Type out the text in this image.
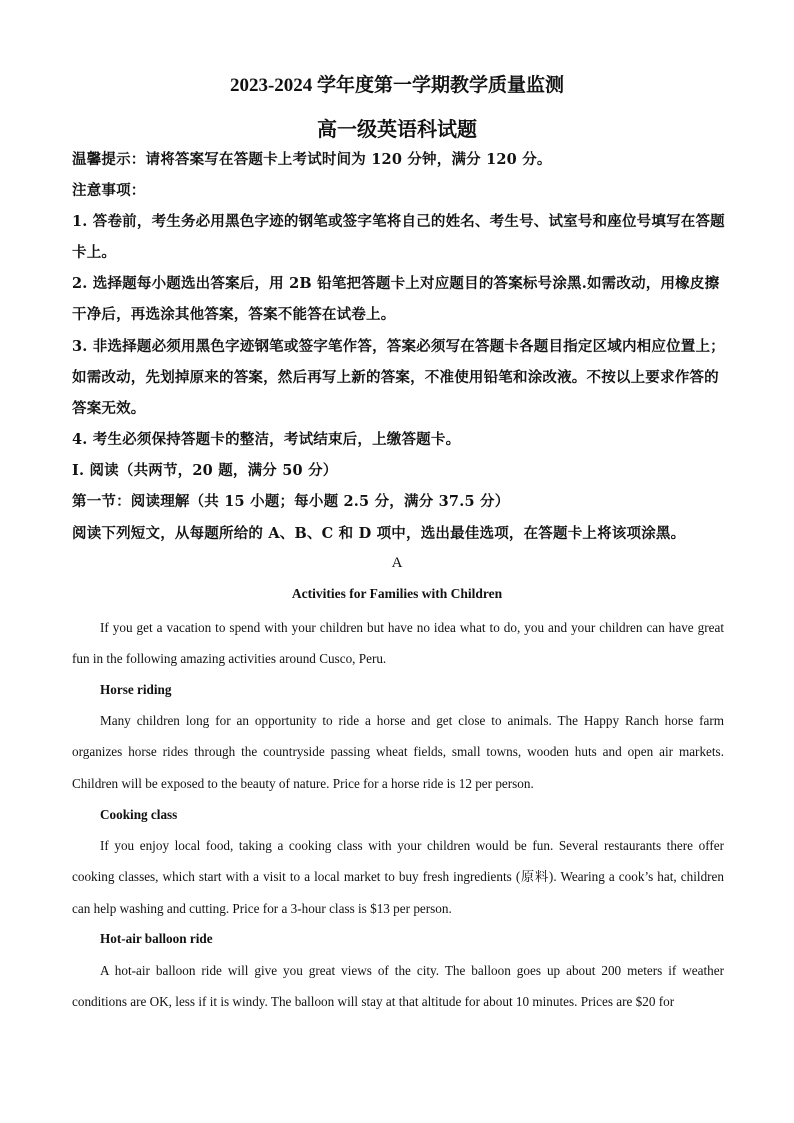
2023-2024 学年度第一学期教学质量监测
高一级英语科试题

温馨提示：请将答案写在答题卡上考试时间为 120 分钟，满分 120 分。

注意事项：

1. 答卷前，考生务必用黑色字迹的钢笔或签字笔将自己的姓名、考生号、试室号和座位号填写在答题卡上。

2. 选择题每小题选出答案后，用 2B 铅笔把答题卡上对应题目的答案标号涂黑.如需改动，用橡皮擦干净后，再选涂其他答案，答案不能答在试卷上。

3. 非选择题必须用黑色字迹钢笔或签字笔作答，答案必须写在答题卡各题目指定区域内相应位置上；如需改动，先划掉原来的答案，然后再写上新的答案，不准使用铅笔和涂改液。不按以上要求作答的答案无效。

4. 考生必须保持答题卡的整洁，考试结束后，上缴答题卡。

Ⅰ. 阅读（共两节，20 题，满分 50 分）

第一节：阅读理解（共 15 小题；每小题 2.5 分，满分 37.5 分）

阅读下列短文，从每题所给的 A、B、C 和 D 项中，选出最佳选项，在答题卡上将该项涂黑。

A

Activities for Families with Children

If you get a vacation to spend with your children but have no idea what to do, you and your children can have great fun in the following amazing activities around Cusco, Peru.

Horse riding

Many children long for an opportunity to ride a horse and get close to animals. The Happy Ranch horse farm organizes horse rides through the countryside passing wheat fields, small towns, wooden huts and open air markets. Children will be exposed to the beauty of nature. Price for a horse ride is 12 per person.

Cooking class

If you enjoy local food, taking a cooking class with your children would be fun. Several restaurants there offer cooking classes, which start with a visit to a local market to buy fresh ingredients (原料). Wearing a cook’s hat, children can help washing and cutting. Price for a 3-hour class is $13 per person.

Hot-air balloon ride

A hot-air balloon ride will give you great views of the city. The balloon goes up about 200 meters if weather conditions are OK, less if it is windy. The balloon will stay at that altitude for about 10 minutes. Prices are $20 for
